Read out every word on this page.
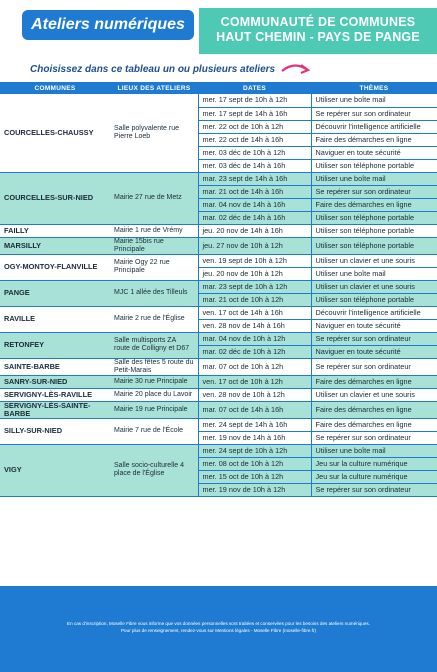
Ateliers numériques	COMMUNAUTÉ DE COMMUNES
HAUT CHEMIN - PAYS DE PANGE
Choisissez dans ce tableau un ou plusieurs ateliers
COMMUNES	LIEUX DES ATELIERS	DATES	THÈMES
COURCELLES-CHAUSSY	Salle polyvalente rue Pierre Loeb	mer. 17 sept de 10h à 12h	Utiliser une boîte mail
		mer. 17 sept de 14h à 16h	Se repérer sur son ordinateur
		mer. 22 oct de 10h à 12h	Découvrir l'intelligence artificielle
		mer. 22 oct de 14h à 16h	Faire des démarches en ligne
		mer. 03 déc de 10h à 12h	Naviguer en toute sécurité
		mer. 03 déc de 14h à 16h	Utiliser son téléphone portable
COURCELLES-SUR-NIED	Mairie 27 rue de Metz	mar. 23 sept de 14h à 16h	Utiliser une boîte mail
		mar. 21 oct de 14h à 16h	Se repérer sur son ordinateur
		mar. 04 nov de 14h à 16h	Faire des démarches en ligne
		mar. 02 déc de 14h à 16h	Utiliser son téléphone portable
FAILLY	Mairie 1 rue de Vrémy	jeu. 20 nov de 14h à 16h	Utiliser son téléphone portable
MARSILLY	Mairie 15bis rue Principale	jeu. 27 nov de 10h à 12h	Utiliser son téléphone portable
OGY-MONTOY-FLANVILLE	Mairie Ogy 22 rue Principale	ven. 19 sept de 10h à 12h	Utiliser un clavier et une souris
		jeu. 20 nov de 10h à 12h	Utiliser une boîte mail
PANGE	MJC 1 allée des Tilleuls	mar. 23 sept de 10h à 12h	Utiliser un clavier et une souris
		mar. 21 oct de 10h à 12h	Utiliser son téléphone portable
RAVILLE	Mairie 2 rue de l'Église	ven. 17 oct de 14h à 16h	Découvrir l'intelligence artificielle
		ven. 28 nov de 14h à 16h	Naviguer en toute sécurité
RETONFEY	Salle multisports ZA route de Colligny et D67	mar. 04 nov de 10h à 12h	Se repérer sur son ordinateur
		mar. 02 déc de 10h à 12h	Naviguer en toute sécurité
SAINTE-BARBE	Salle des fêtes 5 route du Petit-Marais	mar. 07 oct de 10h à 12h	Se repérer sur son ordinateur
SANRY-SUR-NIED	Mairie 30 rue Principale	ven. 17 oct de 10h à 12h	Faire des démarches en ligne
SERVIGNY-LÈS-RAVILLE	Mairie 20 place du Lavoir	ven. 28 nov de 10h à 12h	Utiliser un clavier et une souris
SERVIGNY-LÈS-SAINTE-BARBE	Mairie 19 rue Principale	mar. 07 oct de 14h à 16h	Faire des démarches en ligne
SILLY-SUR-NIED	Mairie 7 rue de l'École	mer. 24 sept de 14h à 16h	Faire des démarches en ligne
		mer. 19 nov de 14h à 16h	Se repérer sur son ordinateur
VIGY	Salle socio-culturelle 4 place de l'Église	mer. 24 sept de 10h à 12h	Utiliser une boîte mail
		mer. 08 oct de 10h à 12h	Jeu sur la culture numérique
		mer. 15 oct de 10h à 12h	Jeu sur la culture numérique
		mer. 19 nov de 10h à 12h	Se repérer sur son ordinateur
En cas d'inscription, Moselle Fibre vous informe que vos données personnelles sont traitées et conservées pour les besoins des ateliers numériques.
Pour plus de renseignement, rendez-vous sur Mentions légales - Moselle Fibre (moselle-fibre.fr)
